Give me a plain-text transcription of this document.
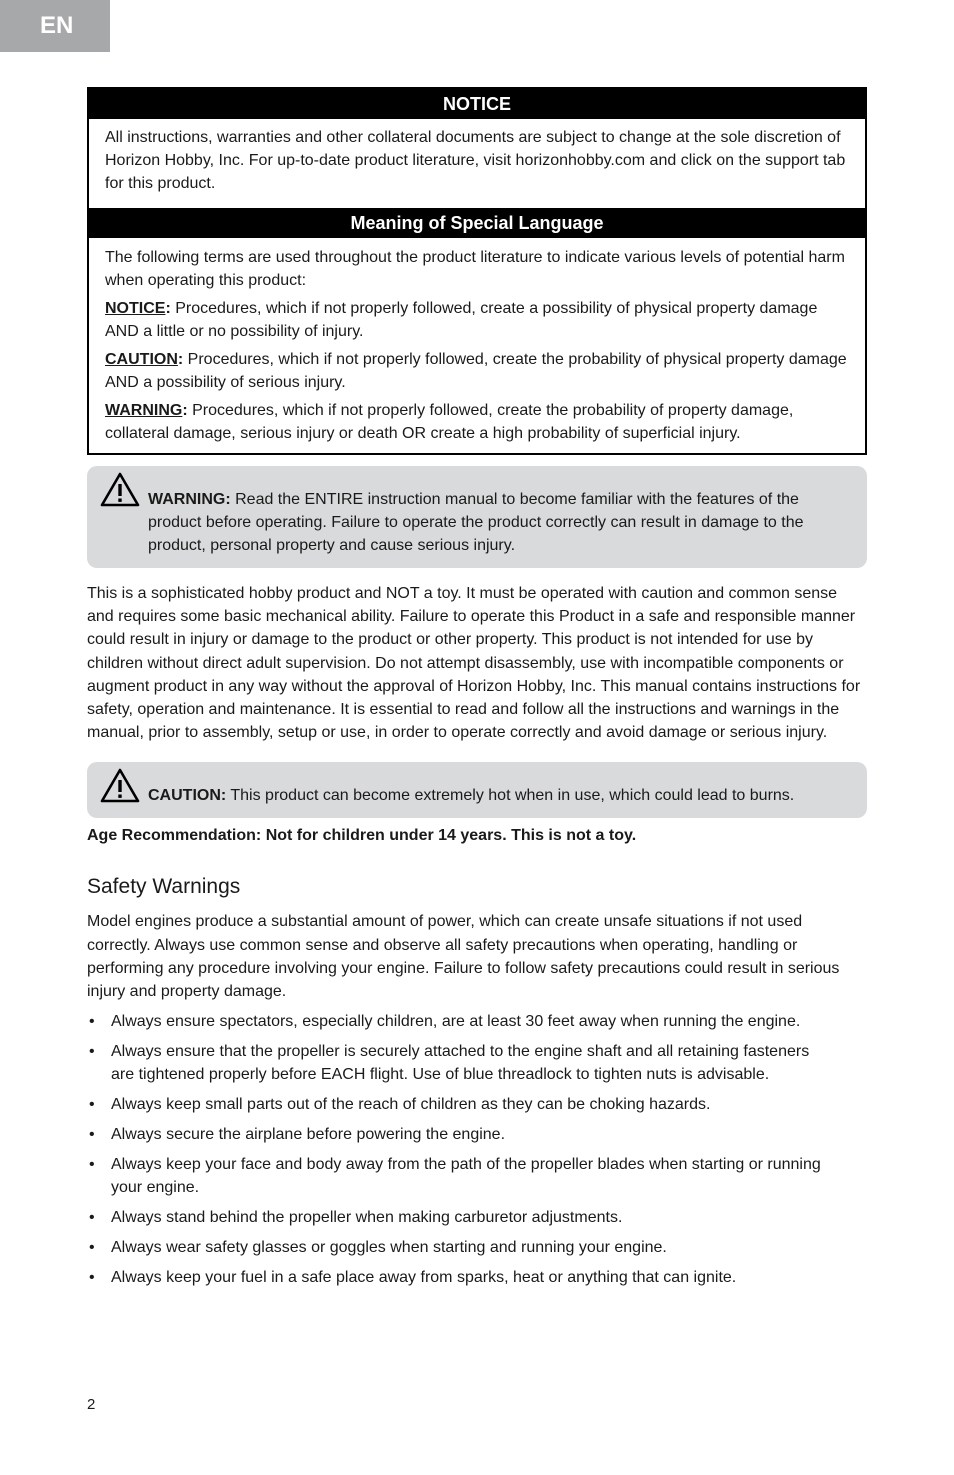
EN
NOTICE

All instructions, warranties and other collateral documents are subject to change at the sole discretion of Horizon Hobby, Inc. For up-to-date product literature, visit horizonhobby.com and click on the support tab for this product.

Meaning of Special Language

The following terms are used throughout the product literature to indicate various levels of potential harm when operating this product:

NOTICE: Procedures, which if not properly followed, create a possibility of physical property damage AND a little or no possibility of injury.

CAUTION: Procedures, which if not properly followed, create the probability of physical property damage AND a possibility of serious injury.

WARNING: Procedures, which if not properly followed, create the probability of property damage, collateral damage, serious injury or death OR create a high probability of superficial injury.

WARNING: Read the ENTIRE instruction manual to become familiar with the features of the product before operating. Failure to operate the product correctly can result in damage to the product, personal property and cause serious injury.

This is a sophisticated hobby product and NOT a toy. It must be operated with caution and common sense and requires some basic mechanical ability. Failure to operate this Product in a safe and responsible manner could result in injury or damage to the product or other property. This product is not intended for use by children without direct adult supervision. Do not attempt disassembly, use with incompatible components or augment product in any way without the approval of Horizon Hobby, Inc. This manual contains instructions for safety, operation and maintenance. It is essential to read and follow all the instructions and warnings in the manual, prior to assembly, setup or use, in order to operate correctly and avoid damage or serious injury.

CAUTION: This product can become extremely hot when in use, which could lead to burns.
Age Recommendation: Not for children under 14 years. This is not a toy.
Safety Warnings

Model engines produce a substantial amount of power, which can create unsafe situations if not used correctly. Always use common sense and observe all safety precautions when operating, handling or performing any procedure involving your engine. Failure to follow safety precautions could result in serious injury and property damage.

• Always ensure spectators, especially children, are at least 30 feet away when running the engine.
• Always ensure that the propeller is securely attached to the engine shaft and all retaining fasteners are tightened properly before EACH flight. Use of blue threadlock to tighten nuts is advisable.
• Always keep small parts out of the reach of children as they can be choking hazards.
• Always secure the airplane before powering the engine.
• Always keep your face and body away from the path of the propeller blades when starting or running your engine.
• Always stand behind the propeller when making carburetor adjustments.
• Always wear safety glasses or goggles when starting and running your engine.
• Always keep your fuel in a safe place away from sparks, heat or anything that can ignite.
2
